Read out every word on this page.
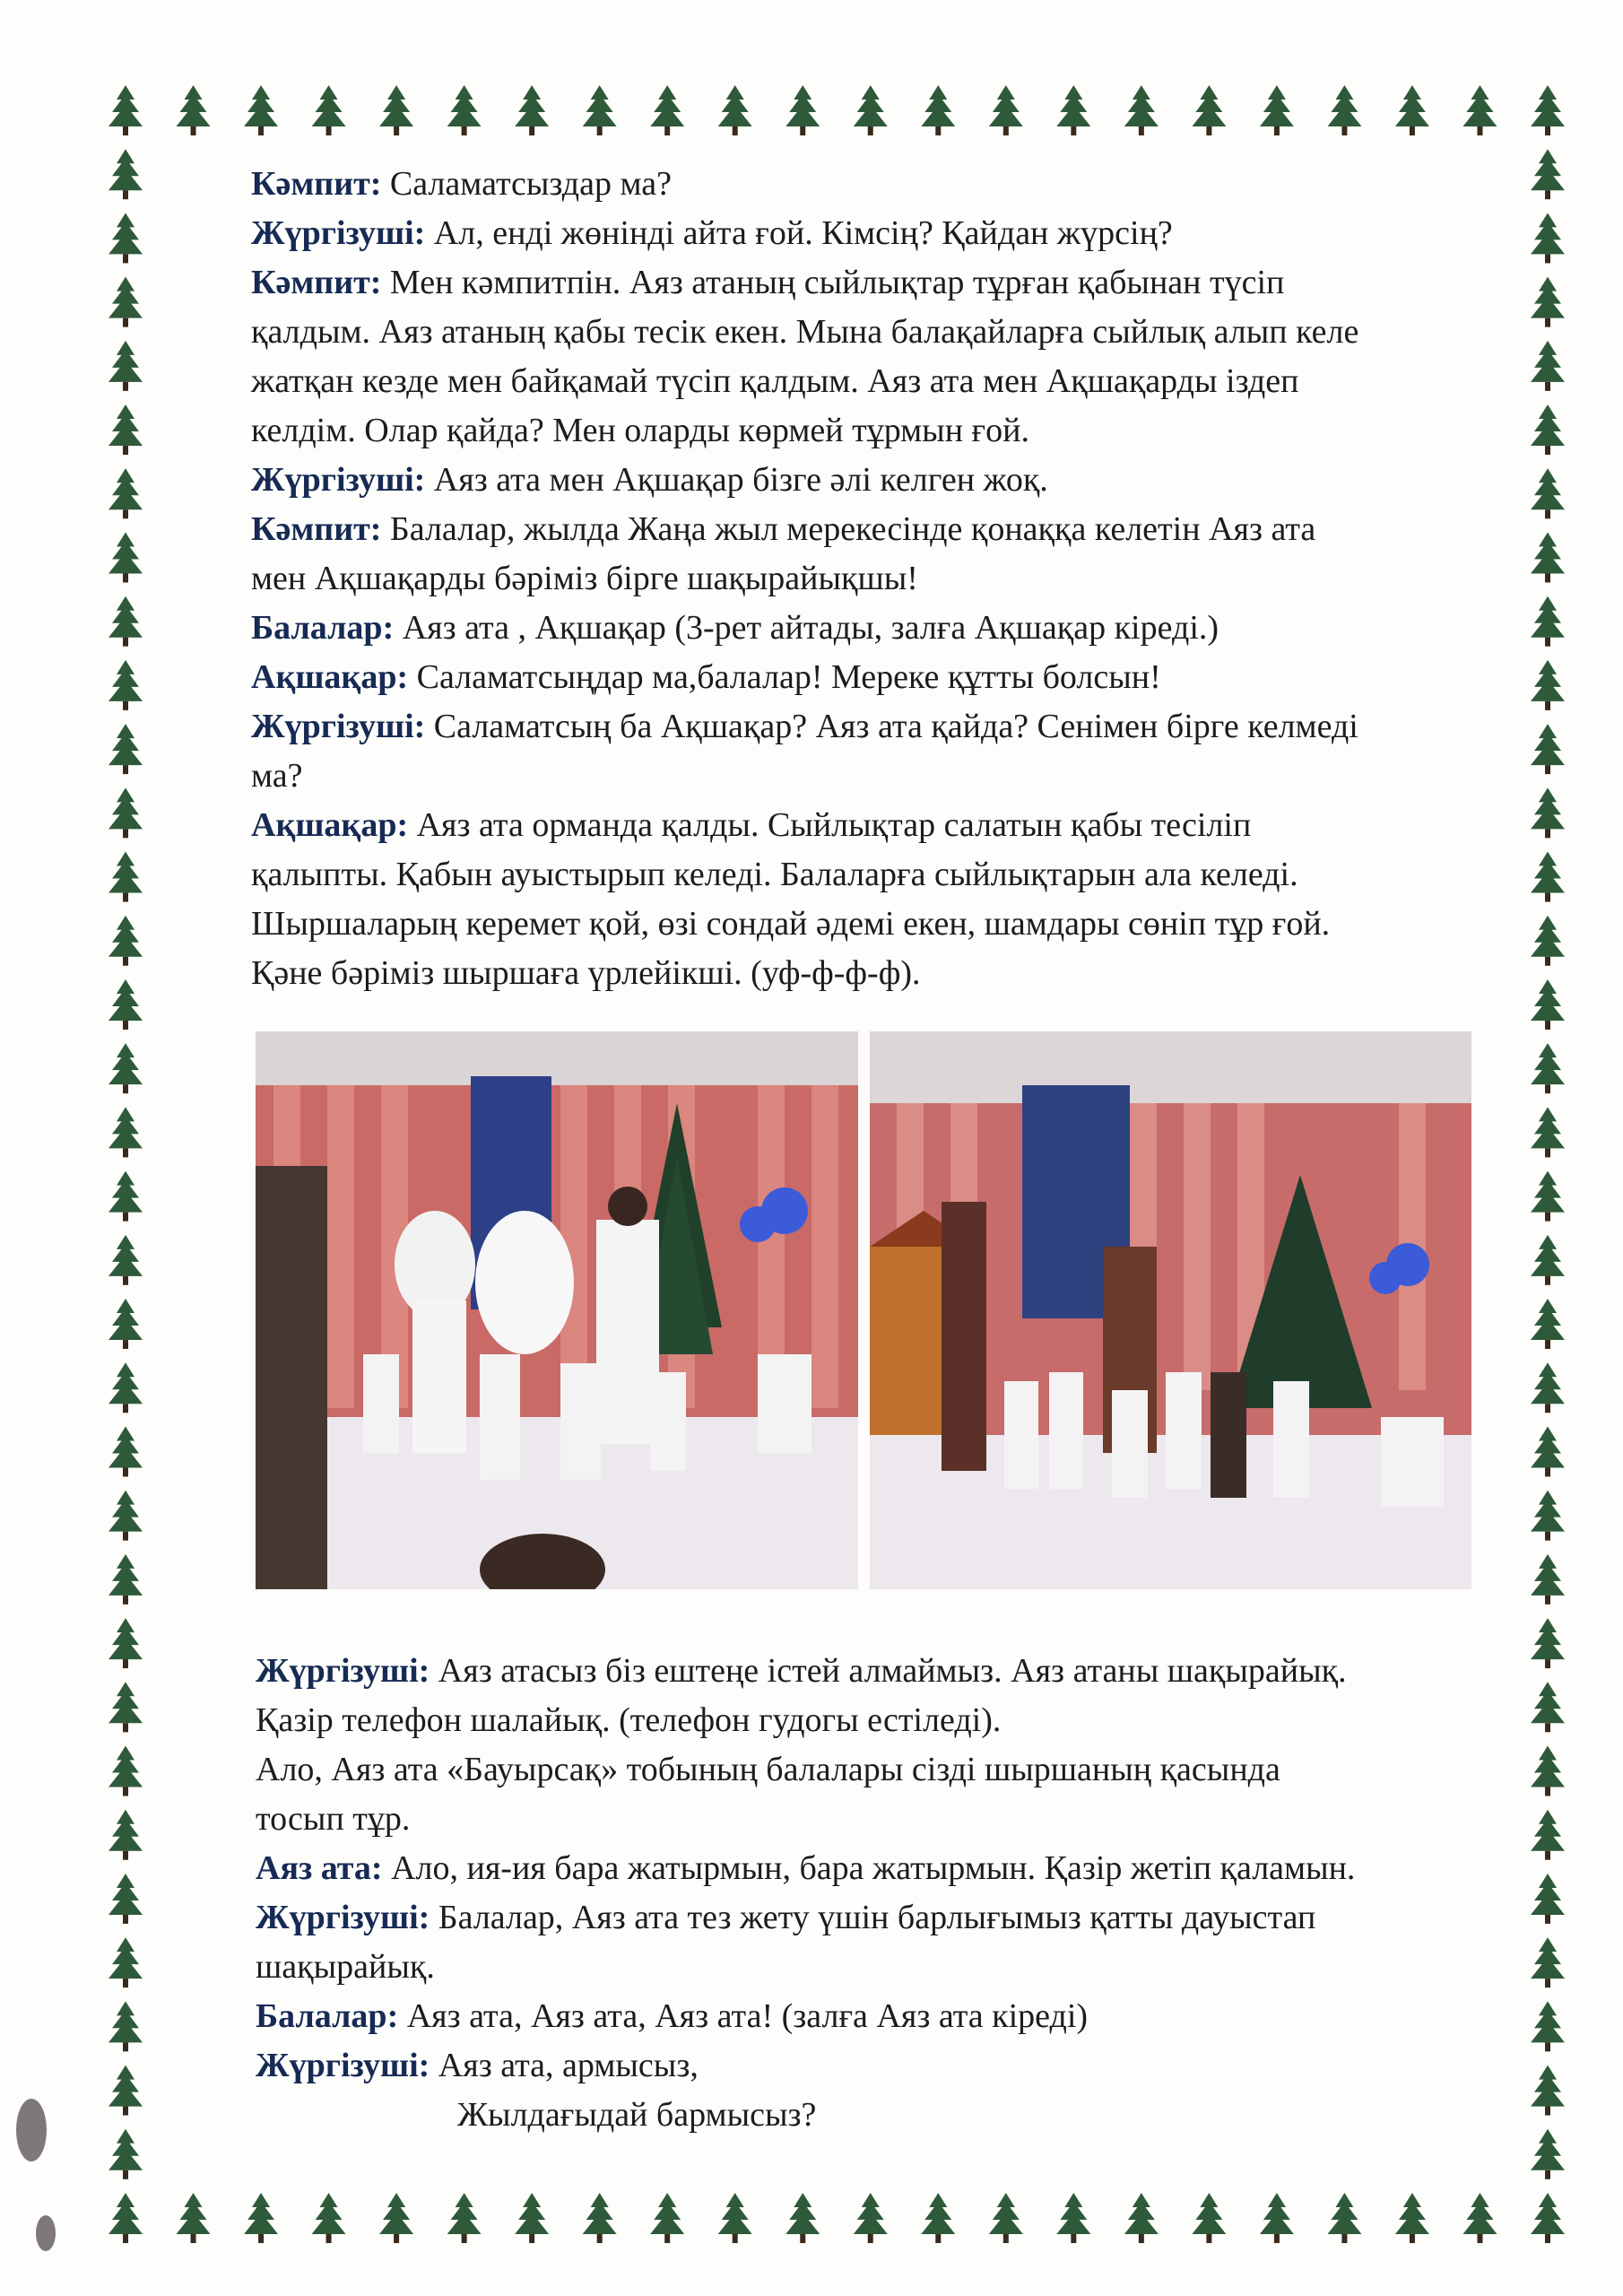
Кәмпит: Саламатсыздар ма?

Жүргізуші: Ал, енді жөнінді айта ғой. Кімсің? Қайдан жүрсің?

Кәмпит: Мен кәмпитпін. Аяз атаның сыйлықтар тұрған қабынан түсіп

қалдым. Аяз атаның қабы тесік екен. Мына балақайларға сыйлық алып келе

жатқан кезде мен байқамай түсіп қалдым. Аяз ата мен Ақшақарды іздеп

келдім. Олар қайда? Мен оларды көрмей тұрмын ғой.

Жүргізуші: Аяз ата мен Ақшақар бізге әлі келген жоқ.

Кәмпит: Балалар, жылда Жаңа жыл мерекесінде қонаққа келетін Аяз ата

мен Ақшақарды бәріміз бірге шақырайықшы!

Балалар: Аяз ата , Ақшақар (3-рет айтады, залға Ақшақар кіреді.)

Ақшақар: Саламатсыңдар ма,балалар! Мереке құтты болсын!

Жүргізуші: Саламатсың ба Ақшақар? Аяз ата қайда? Сенімен бірге келмеді

ма?

Ақшақар: Аяз ата орманда қалды. Сыйлықтар салатын қабы тесіліп

қалыпты. Қабын ауыстырып келеді. Балаларға сыйлықтарын ала келеді.

Шыршаларың керемет қой, өзі сондай әдемі екен, шамдары сөніп тұр ғой.

Қәне бәріміз шыршаға үрлейікші. (уф-ф-ф-ф).

Жүргізуші: Аяз атасыз біз ештеңе істей алмаймыз. Аяз атаны шақырайық.

Қазір телефон шалайық. (телефон гудогы естіледі).

Ало, Аяз ата «Бауырсақ» тобының балалары сізді шыршаның қасында

тосып тұр.

Аяз ата: Ало, ия-ия бара жатырмын, бара жатырмын. Қазір жетіп қаламын.

Жүргізуші: Балалар, Аяз ата тез жету үшін барлығымыз қатты дауыстап

шақырайық.

Балалар: Аяз ата, Аяз ата, Аяз ата! (залға Аяз ата кіреді)

Жүргізуші: Аяз ата, армысыз,

Жылдағыдай бармысыз?
